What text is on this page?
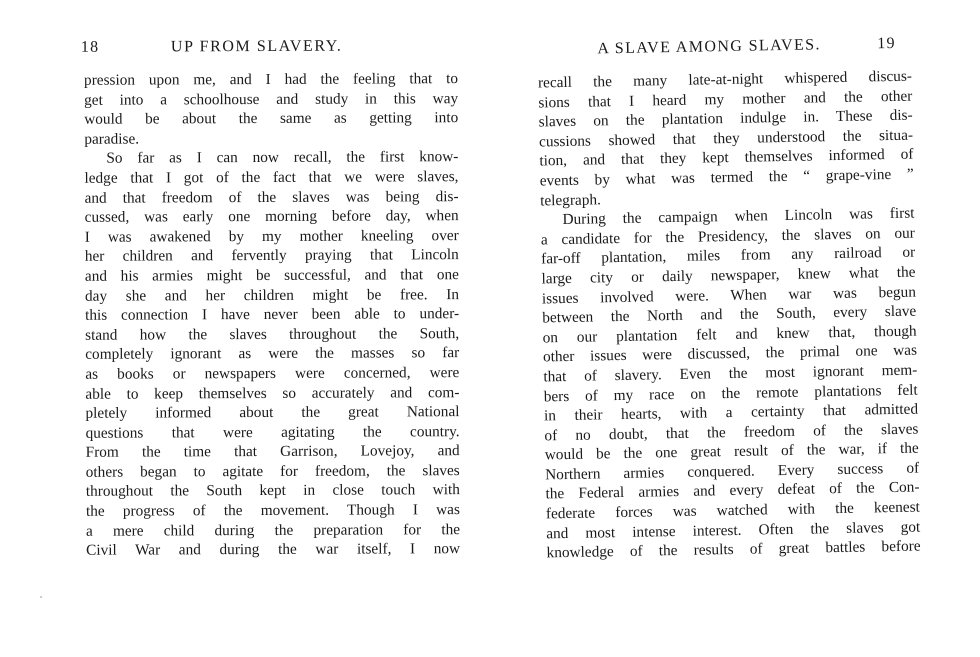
18	UP FROM SLAVERY.
pression upon me, and I had the feeling that to
get into a schoolhouse and study in this way
would be about the same as getting into
paradise.
So far as I can now recall, the first know-
ledge that I got of the fact that we were slaves,
and that freedom of the slaves was being dis-
cussed, was early one morning before day, when
I was awakened by my mother kneeling over
her children and fervently praying that Lincoln
and his armies might be successful, and that one
day she and her children might be free. In
this connection I have never been able to under-
stand how the slaves throughout the South,
completely ignorant as were the masses so far
as books or newspapers were concerned, were
able to keep themselves so accurately and com-
pletely informed about the great National
questions that were agitating the country.
From the time that Garrison, Lovejoy, and
others began to agitate for freedom, the slaves
throughout the South kept in close touch with
the progress of the movement. Though I was
a mere child during the preparation for the
Civil War and during the war itself, I now
A SLAVE AMONG SLAVES.	19
recall the many late-at-night whispered discus-
sions that I heard my mother and the other
slaves on the plantation indulge in. These dis-
cussions showed that they understood the situa-
tion, and that they kept themselves informed of
events by what was termed the “ grape-vine ”
telegraph.
During the campaign when Lincoln was first
a candidate for the Presidency, the slaves on our
far-off plantation, miles from any railroad or
large city or daily newspaper, knew what the
issues involved were. When war was begun
between the North and the South, every slave
on our plantation felt and knew that, though
other issues were discussed, the primal one was
that of slavery. Even the most ignorant mem-
bers of my race on the remote plantations felt
in their hearts, with a certainty that admitted
of no doubt, that the freedom of the slaves
would be the one great result of the war, if the
Northern armies conquered. Every success of
the Federal armies and every defeat of the Con-
federate forces was watched with the keenest
and most intense interest. Often the slaves got
knowledge of the results of great battles before
